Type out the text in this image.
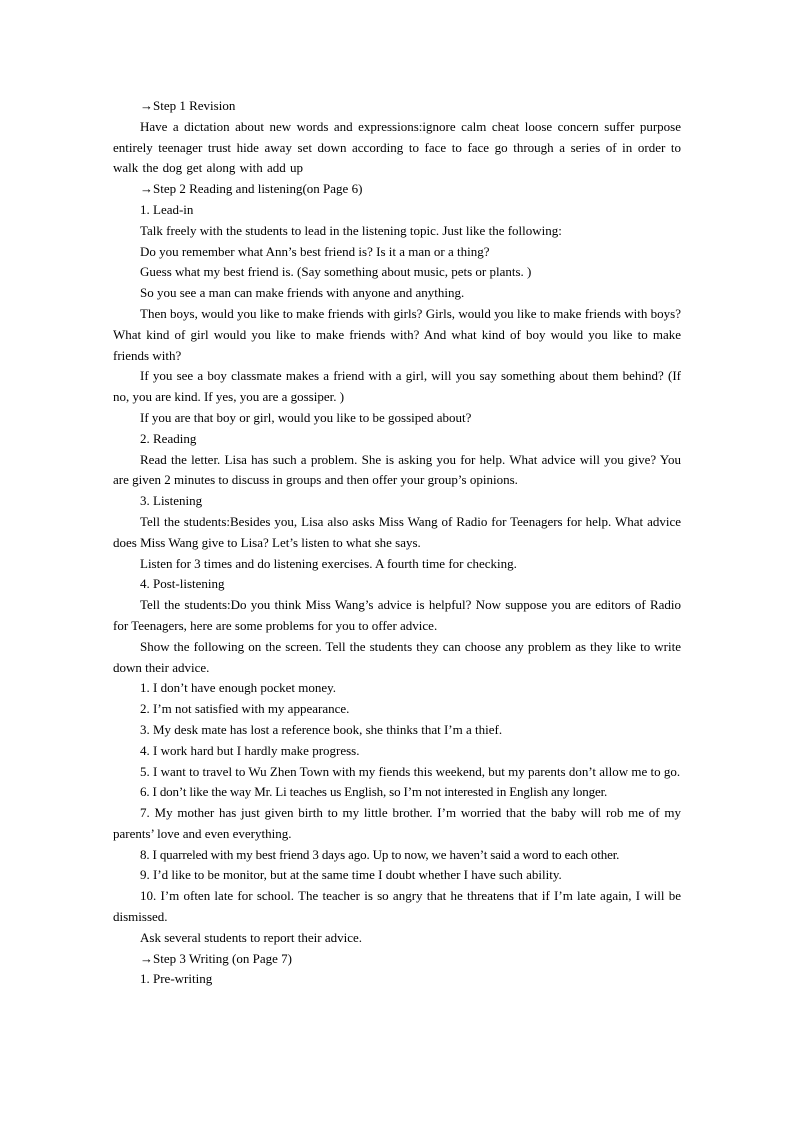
→Step 1 Revision

Have a dictation about new words and expressions:ignore calm cheat loose concern suffer purpose entirely teenager trust hide away set down according to face to face go through a series of in order to walk the dog get along with add up

→Step 2 Reading and listening(on Page 6)

1. Lead-in

Talk freely with the students to lead in the listening topic. Just like the following:

Do you remember what Ann’s best friend is? Is it a man or a thing?

Guess what my best friend is. (Say something about music, pets or plants. )

So you see a man can make friends with anyone and anything.

Then boys, would you like to make friends with girls? Girls, would you like to make friends with boys? What kind of girl would you like to make friends with? And what kind of boy would you like to make friends with?

If you see a boy classmate makes a friend with a girl, will you say something about them behind? (If no, you are kind. If yes, you are a gossiper. )

If you are that boy or girl, would you like to be gossiped about?

2. Reading

Read the letter. Lisa has such a problem. She is asking you for help. What advice will you give? You are given 2 minutes to discuss in groups and then offer your group’s opinions.

3. Listening

Tell the students:Besides you, Lisa also asks Miss Wang of Radio for Teenagers for help. What advice does Miss Wang give to Lisa? Let’s listen to what she says.

Listen for 3 times and do listening exercises. A fourth time for checking.

4. Post-listening

Tell the students:Do you think Miss Wang’s advice is helpful? Now suppose you are editors of Radio for Teenagers, here are some problems for you to offer advice.

Show the following on the screen. Tell the students they can choose any problem as they like to write down their advice.

1. I don’t have enough pocket money.

2. I’m not satisfied with my appearance.

3. My desk mate has lost a reference book, she thinks that I’m a thief.

4. I work hard but I hardly make progress.

5. I want to travel to Wu Zhen Town with my fiends this weekend, but my parents don’t allow me to go.

6. I don’t like the way Mr. Li teaches us English, so I’m not interested in English any longer.

7. My mother has just given birth to my little brother. I’m worried that the baby will rob me of my parents’ love and even everything.

8. I quarreled with my best friend 3 days ago. Up to now, we haven’t said a word to each other.

9. I’d like to be monitor, but at the same time I doubt whether I have such ability.

10. I’m often late for school. The teacher is so angry that he threatens that if I’m late again, I will be dismissed.

Ask several students to report their advice.

→Step 3 Writing (on Page 7)

1. Pre-writing
